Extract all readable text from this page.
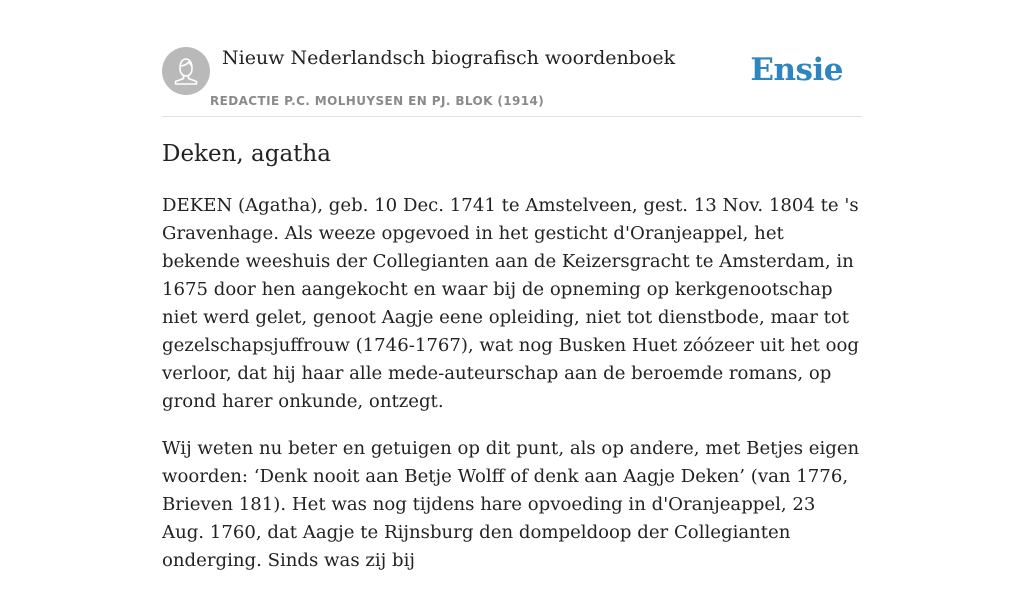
Nieuw Nederlandsch biografisch woordenboek
REDACTIE P.C. MOLHUYSEN EN PJ. BLOK (1914)
Ensie
Deken, agatha

DEKEN (Agatha), geb. 10 Dec. 1741 te Amstelveen, gest. 13 Nov. 1804 te 's Gravenhage. Als weeze opgevoed in het gesticht d'Oranjeappel, het bekende weeshuis der Collegianten aan de Keizersgracht te Amsterdam, in 1675 door hen aangekocht en waar bij de opneming op kerkgenootschap niet werd gelet, genoot Aagje eene opleiding, niet tot dienstbode, maar tot gezelschapsjuffrouw (1746-1767), wat nog Busken Huet zóózeer uit het oog verloor, dat hij haar alle mede-auteurschap aan de beroemde romans, op grond harer onkunde, ontzegt.

Wij weten nu beter en getuigen op dit punt, als op andere, met Betjes eigen woorden: ‘Denk nooit aan Betje Wolff of denk aan Aagje Deken’ (van 1776, Brieven 181). Het was nog tijdens hare opvoeding in d'Oranjeappel, 23 Aug. 1760, dat Aagje te Rijnsburg den dompeldoop der Collegianten onderging. Sinds was zij bij
